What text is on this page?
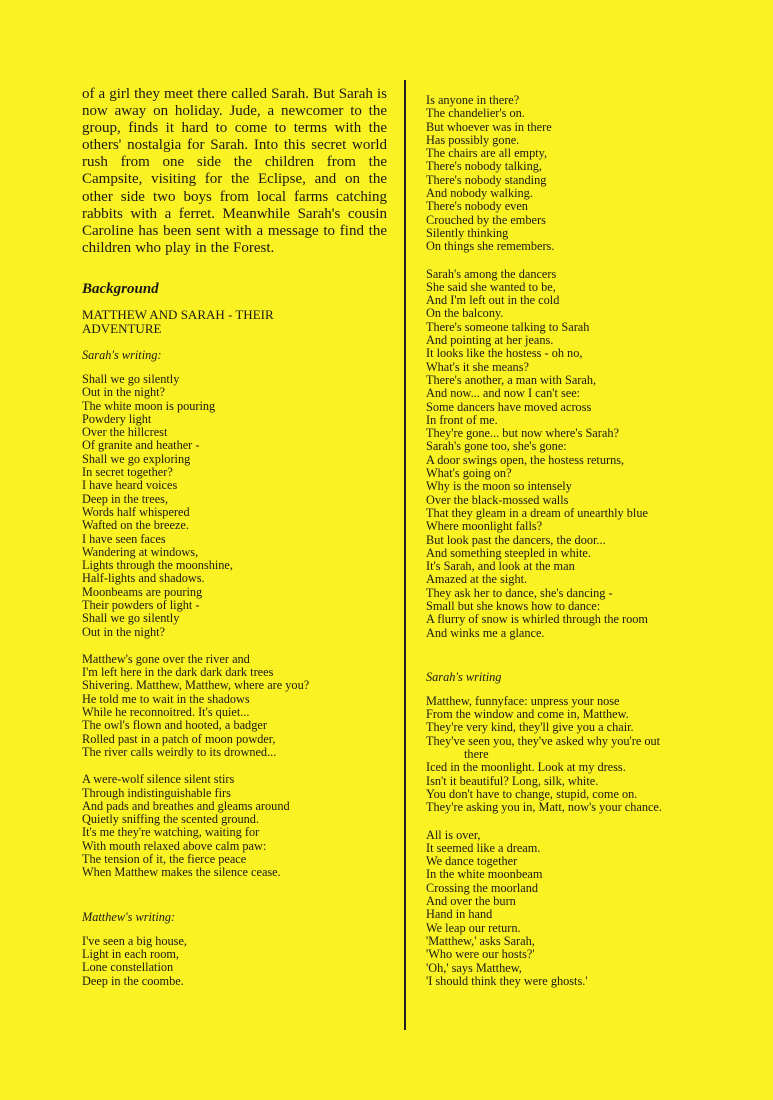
of a girl they meet there called Sarah. But Sarah is now away on holiday. Jude, a newcomer to the group, finds it hard to come to terms with the others' nostalgia for Sarah. Into this secret world rush from one side the children from the Campsite, visiting for the Eclipse, and on the other side two boys from local farms catching rabbits with a ferret. Meanwhile Sarah's cousin Caroline has been sent with a message to find the children who play in the Forest.

Background
MATTHEW AND SARAH - THEIR
ADVENTURE
Sarah's writing:
Shall we go silently
Out in the night?
The white moon is pouring
Powdery light
Over the hillcrest
Of granite and heather -
Shall we go exploring
In secret together?
I have heard voices
Deep in the trees,
Words half whispered
Wafted on the breeze.
I have seen faces
Wandering at windows,
Lights through the moonshine,
Half-lights and shadows.
Moonbeams are pouring
Their powders of light -
Shall we go silently
Out in the night?
Matthew's gone over the river and
I'm left here in the dark dark dark trees
Shivering. Matthew, Matthew, where are you?
He told me to wait in the shadows
While he reconnoitred. It's quiet...
The owl's flown and hooted, a badger
Rolled past in a patch of moon powder,
The river calls weirdly to its drowned...
A were-wolf silence silent stirs
Through indistinguishable firs
And pads and breathes and gleams around
Quietly sniffing the scented ground.
It's me they're watching, waiting for
With mouth relaxed above calm paw:
The tension of it, the fierce peace
When Matthew makes the silence cease.
Matthew's writing:
I've seen a big house,
Light in each room,
Lone constellation
Deep in the coombe.
Is anyone in there?
The chandelier's on.
But whoever was in there
Has possibly gone.
The chairs are all empty,
There's nobody talking,
There's nobody standing
And nobody walking.
There's nobody even
Crouched by the embers
Silently thinking
On things she remembers.
Sarah's among the dancers
She said she wanted to be,
And I'm left out in the cold
On the balcony.
There's someone talking to Sarah
And pointing at her jeans.
It looks like the hostess - oh no,
What's it she means?
There's another, a man with Sarah,
And now... and now I can't see:
Some dancers have moved across
In front of me.
They're gone... but now where's Sarah?
Sarah's gone too, she's gone:
A door swings open, the hostess returns,
What's going on?
Why is the moon so intensely
Over the black-mossed walls
That they gleam in a dream of unearthly blue
Where moonlight falls?
But look past the dancers, the door...
And something steepled in white.
It's Sarah, and look at the man
Amazed at the sight.
They ask her to dance, she's dancing -
Small but she knows how to dance:
A flurry of snow is whirled through the room
And winks me a glance.
Sarah's writing
Matthew, funnyface: unpress your nose
From the window and come in, Matthew.
They're very kind, they'll give you a chair.
They've seen you, they've asked why you're out
there
Iced in the moonlight. Look at my dress.
Isn't it beautiful? Long, silk, white.
You don't have to change, stupid, come on.
They're asking you in, Matt, now's your chance.
All is over,
It seemed like a dream.
We dance together
In the white moonbeam
Crossing the moorland
And over the burn
Hand in hand
We leap our return.
'Matthew,' asks Sarah,
'Who were our hosts?'
'Oh,' says Matthew,
'I should think they were ghosts.'
